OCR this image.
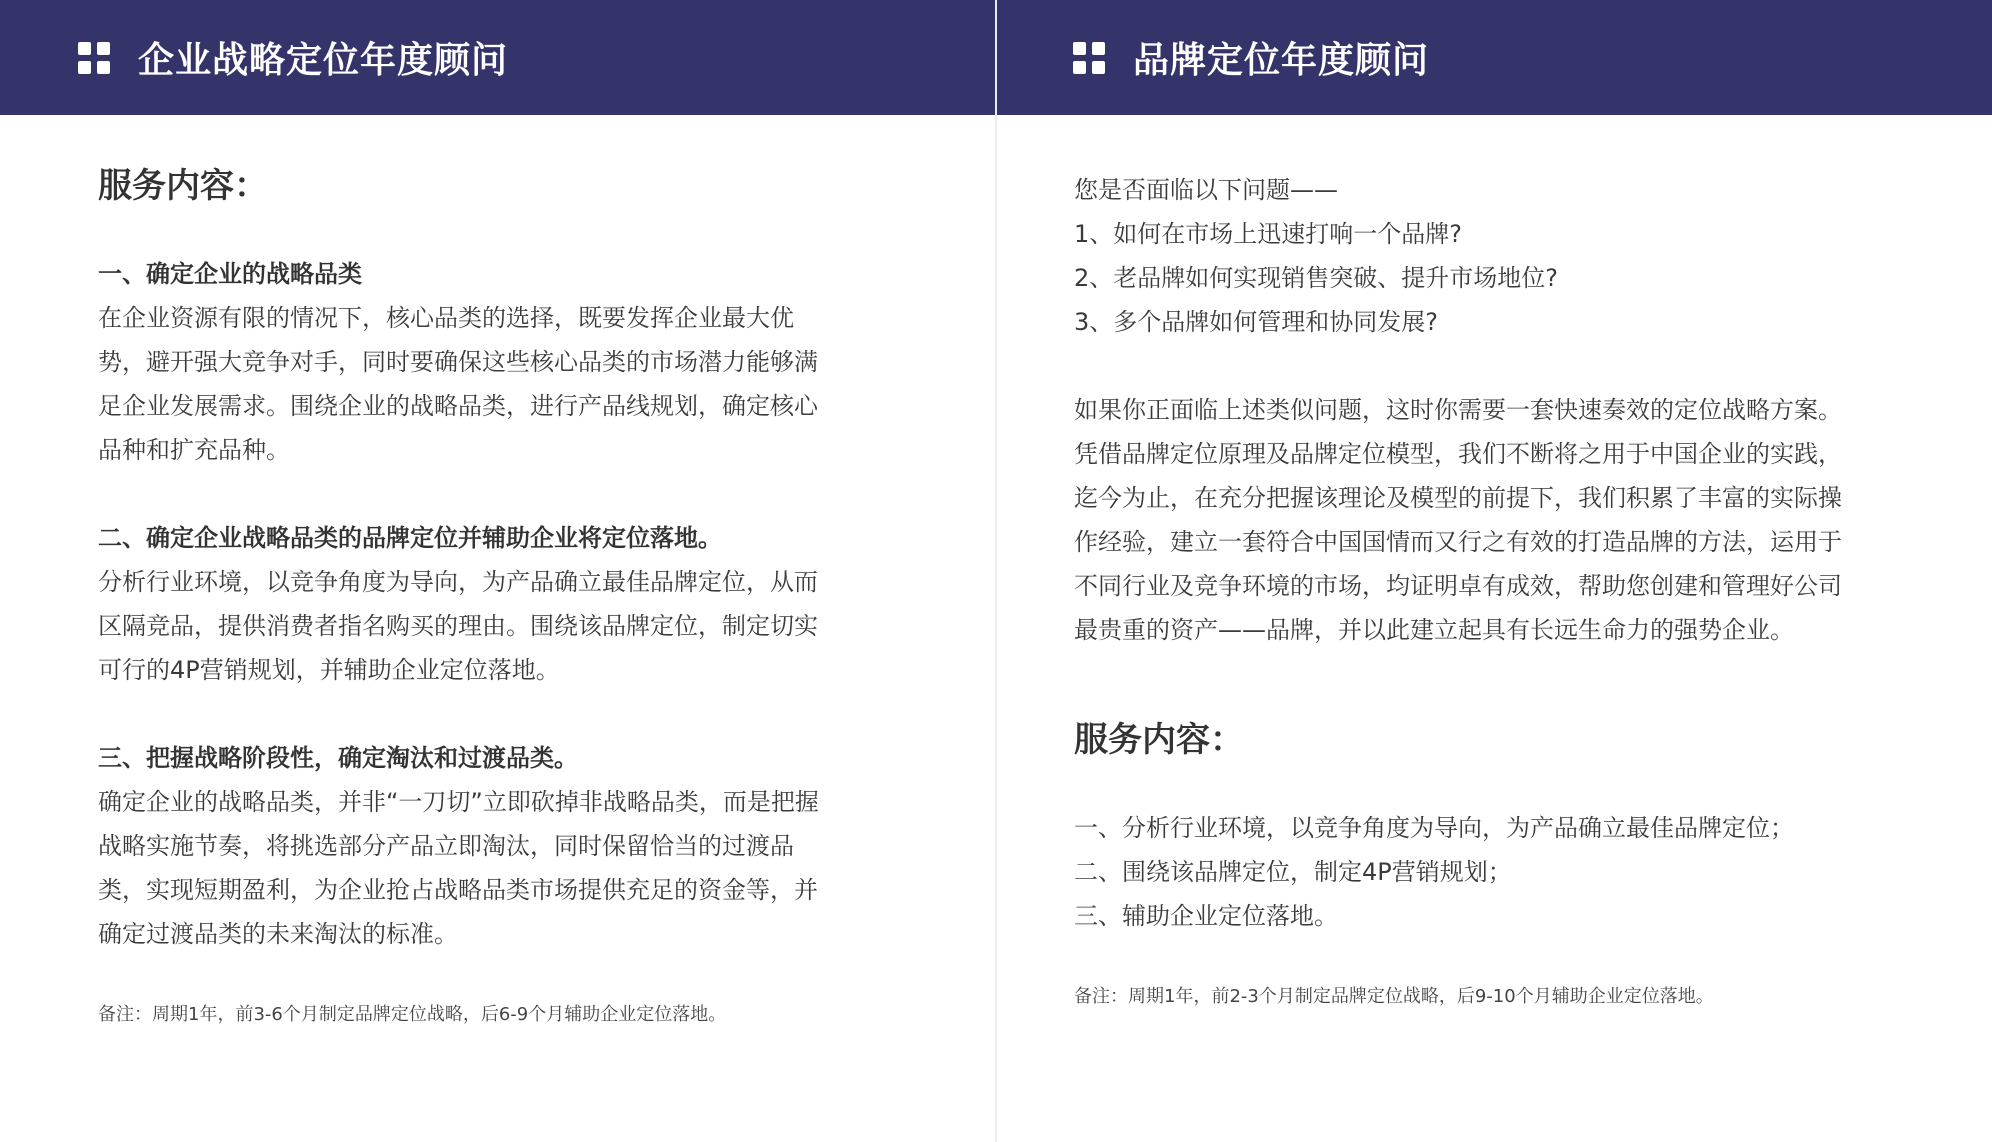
企业战略定位年度顾问
服务内容：
一、确定企业的战略品类
在企业资源有限的情况下，核心品类的选择，既要发挥企业最大优
势，避开强大竞争对手，同时要确保这些核心品类的市场潜力能够满
足企业发展需求。围绕企业的战略品类，进行产品线规划，确定核心
品种和扩充品种。
二、确定企业战略品类的品牌定位并辅助企业将定位落地。
分析行业环境，以竞争角度为导向，为产品确立最佳品牌定位，从而
区隔竞品，提供消费者指名购买的理由。围绕该品牌定位，制定切实
可行的4P营销规划，并辅助企业定位落地。
三、把握战略阶段性，确定淘汰和过渡品类。
确定企业的战略品类，并非“一刀切”立即砍掉非战略品类，而是把握
战略实施节奏，将挑选部分产品立即淘汰，同时保留恰当的过渡品
类，实现短期盈利，为企业抢占战略品类市场提供充足的资金等，并
确定过渡品类的未来淘汰的标准。
备注：周期1年，前3-6个月制定品牌定位战略，后6-9个月辅助企业定位落地。
品牌定位年度顾问
您是否面临以下问题——
1、如何在市场上迅速打响一个品牌?
2、老品牌如何实现销售突破、提升市场地位?
3、多个品牌如何管理和协同发展?
如果你正面临上述类似问题，这时你需要一套快速奏效的定位战略方案。
凭借品牌定位原理及品牌定位模型，我们不断将之用于中国企业的实践，
迄今为止，在充分把握该理论及模型的前提下，我们积累了丰富的实际操
作经验，建立一套符合中国国情而又行之有效的打造品牌的方法，运用于
不同行业及竞争环境的市场，均证明卓有成效，帮助您创建和管理好公司
最贵重的资产——品牌，并以此建立起具有长远生命力的强势企业。
服务内容：
一、分析行业环境，以竞争角度为导向，为产品确立最佳品牌定位；
二、围绕该品牌定位，制定4P营销规划；
三、辅助企业定位落地。
备注：周期1年，前2-3个月制定品牌定位战略，后9-10个月辅助企业定位落地。
